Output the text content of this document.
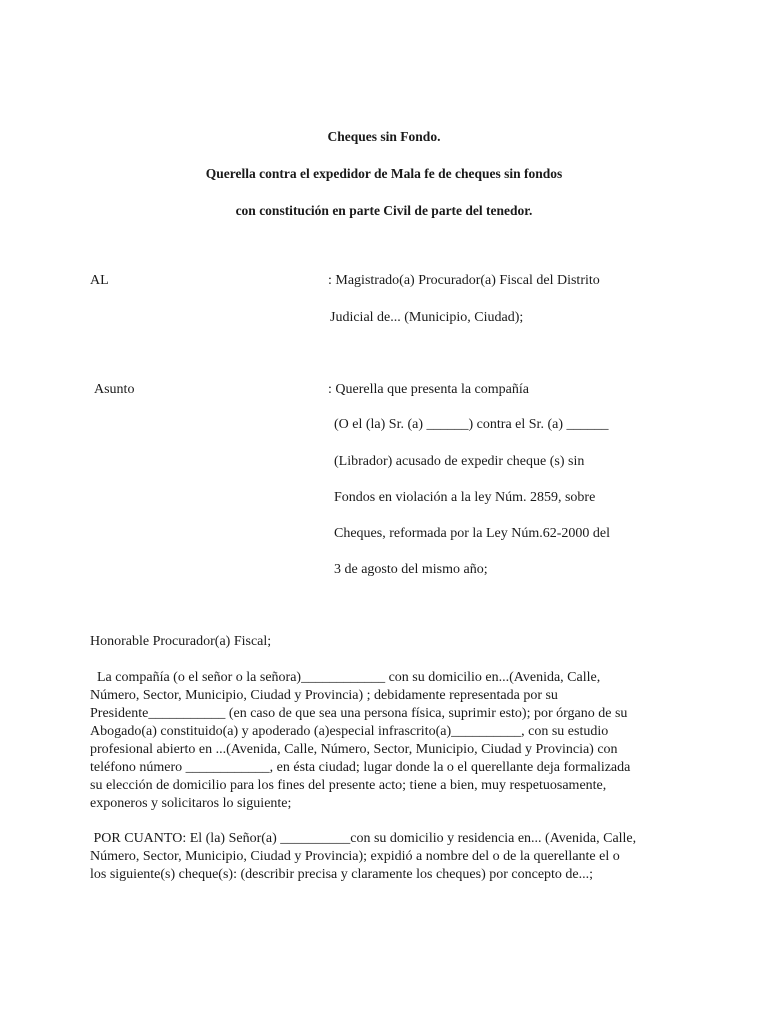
Cheques sin Fondo.
Querella contra el expedidor de Mala fe de cheques sin fondos
con constitución en parte Civil de parte del tenedor.
AL	: Magistrado(a) Procurador(a) Fiscal del Distrito
Judicial de... (Municipio, Ciudad);
Asunto	: Querella que presenta la compañía
(O el (la) Sr. (a) ______) contra el Sr. (a) ______
(Librador) acusado de expedir cheque (s) sin
Fondos en violación a la ley Núm. 2859, sobre
Cheques, reformada por la Ley Núm.62-2000 del
3 de agosto del mismo año;
Honorable Procurador(a) Fiscal;
La compañía (o el señor o la señora)____________ con su domicilio en...(Avenida, Calle,
Número, Sector, Municipio, Ciudad y Provincia) ; debidamente representada por su
Presidente___________ (en caso de que sea una persona física, suprimir esto); por órgano de su
Abogado(a) constituido(a) y apoderado (a)especial infrascrito(a)__________, con su estudio
profesional abierto en ...(Avenida, Calle, Número, Sector, Municipio, Ciudad y Provincia) con
teléfono número ____________, en ésta ciudad; lugar donde la o el querellante deja formalizada
su elección de domicilio para los fines del presente acto; tiene a bien, muy respetuosamente,
exponeros y solicitaros lo siguiente;
POR CUANTO: El (la) Señor(a) __________con su domicilio y residencia en... (Avenida, Calle,
Número, Sector, Municipio, Ciudad y Provincia); expidió a nombre del o de la querellante el o
los siguiente(s) cheque(s): (describir precisa y claramente los cheques) por concepto de...;
